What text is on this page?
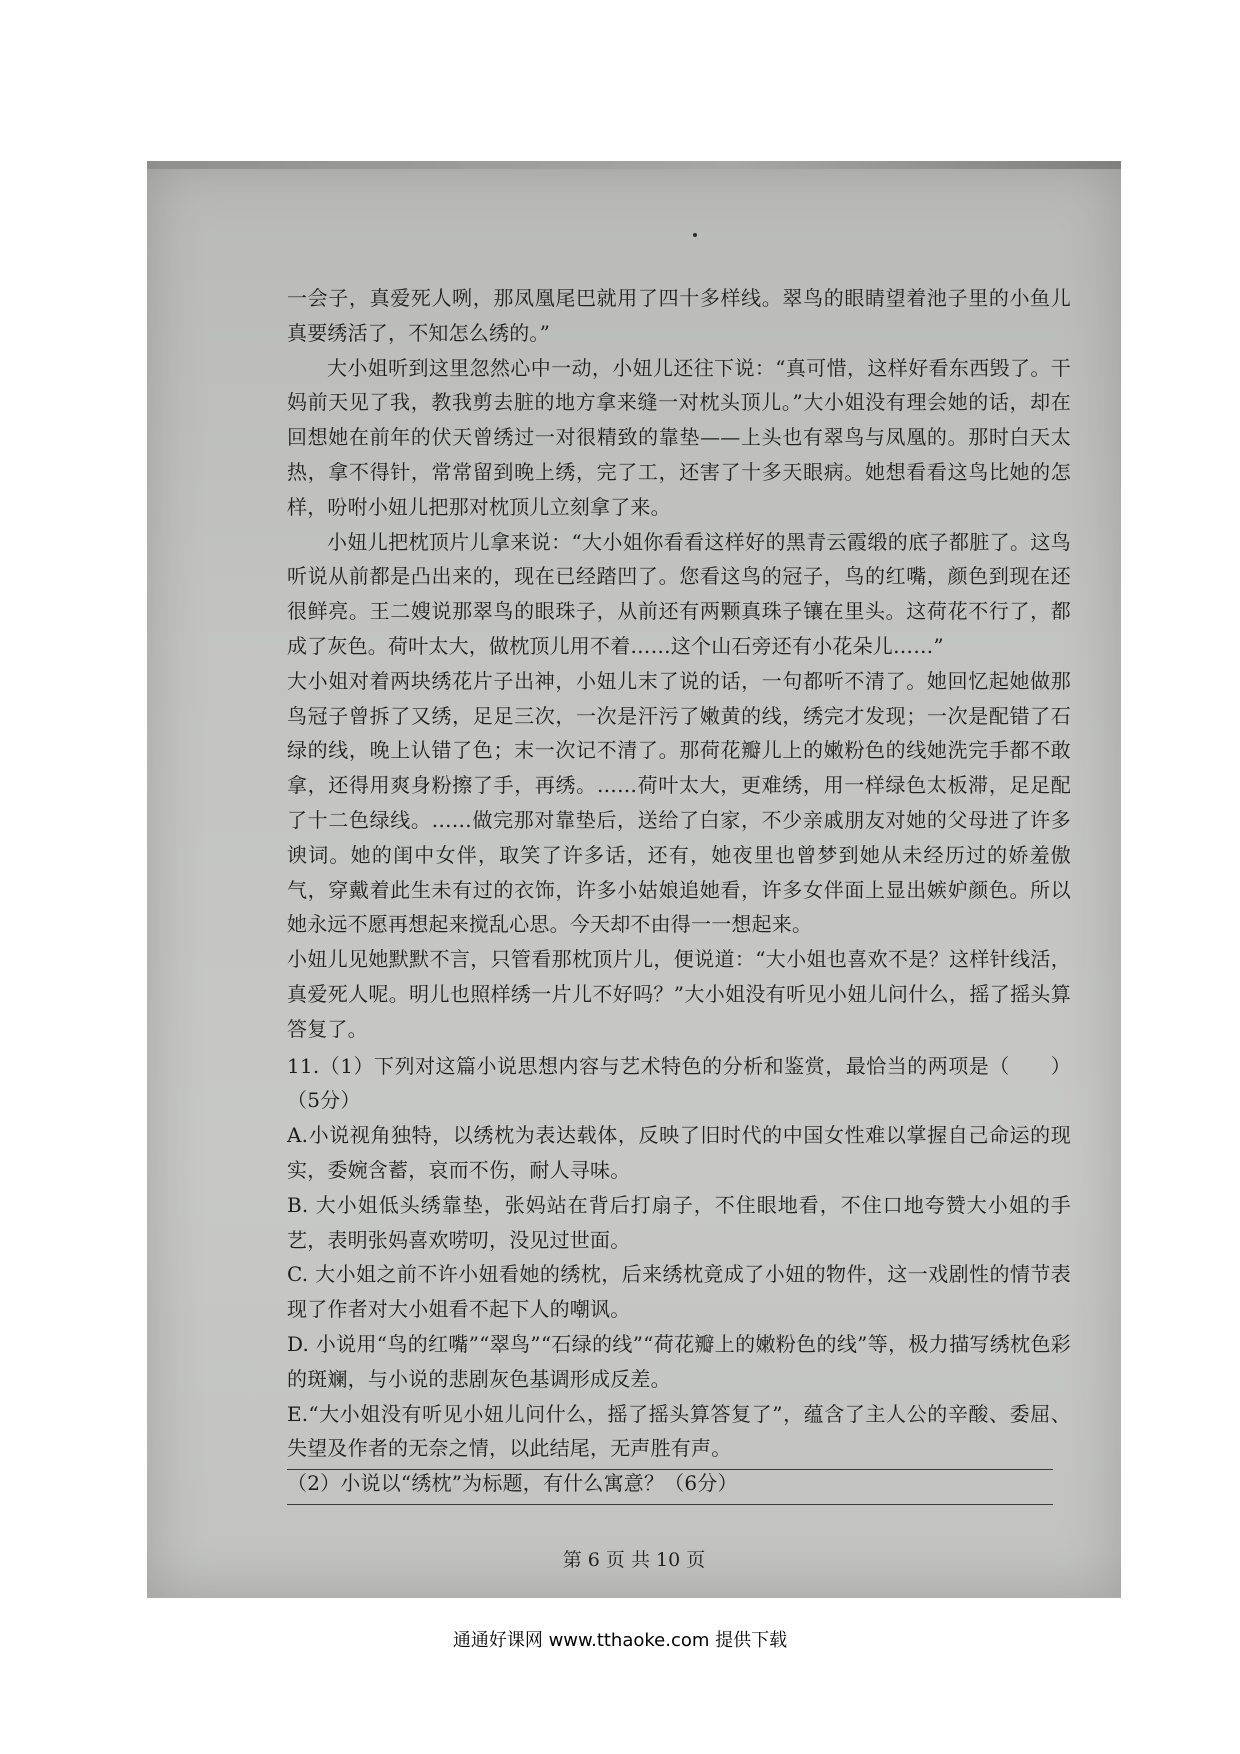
一会子，真爱死人咧，那凤凰尾巴就用了四十多样线。翠鸟的眼睛望着池子里的小鱼儿真要绣活了，不知怎么绣的。”

大小姐听到这里忽然心中一动，小妞儿还往下说：“真可惜，这样好看东西毁了。干妈前天见了我，教我剪去脏的地方拿来缝一对枕头顶儿。”大小姐没有理会她的话，却在回想她在前年的伏天曾绣过一对很精致的靠垫——上头也有翠鸟与凤凰的。那时白天太热，拿不得针，常常留到晚上绣，完了工，还害了十多天眼病。她想看看这鸟比她的怎样，吩咐小妞儿把那对枕顶儿立刻拿了来。

小妞儿把枕顶片儿拿来说：“大小姐你看看这样好的黑青云霞缎的底子都脏了。这鸟听说从前都是凸出来的，现在已经踏凹了。您看这鸟的冠子，鸟的红嘴，颜色到现在还很鲜亮。王二嫂说那翠鸟的眼珠子，从前还有两颗真珠子镶在里头。这荷花不行了，都成了灰色。荷叶太大，做枕顶儿用不着……这个山石旁还有小花朵儿……”

大小姐对着两块绣花片子出神，小妞儿末了说的话，一句都听不清了。她回忆起她做那鸟冠子曾拆了又绣，足足三次，一次是汗污了嫩黄的线，绣完才发现；一次是配错了石绿的线，晚上认错了色；末一次记不清了。那荷花瓣儿上的嫩粉色的线她洗完手都不敢拿，还得用爽身粉擦了手，再绣。……荷叶太大，更难绣，用一样绿色太板滞，足足配了十二色绿线。……做完那对靠垫后，送给了白家，不少亲戚朋友对她的父母进了许多谀词。她的闺中女伴，取笑了许多话，还有，她夜里也曾梦到她从未经历过的娇羞傲气，穿戴着此生未有过的衣饰，许多小姑娘追她看，许多女伴面上显出嫉妒颜色。所以她永远不愿再想起来搅乱心思。今天却不由得一一想起来。

小妞儿见她默默不言，只管看那枕顶片儿，便说道：“大小姐也喜欢不是？这样针线活，真爱死人呢。明儿也照样绣一片儿不好吗？”大小姐没有听见小妞儿问什么，摇了摇头算答复了。

11.（1）下列对这篇小说思想内容与艺术特色的分析和鉴赏，最恰当的两项是（　　）（5分）

A.小说视角独特，以绣枕为表达载体，反映了旧时代的中国女性难以掌握自己命运的现实，委婉含蓄，哀而不伤，耐人寻味。

B. 大小姐低头绣靠垫，张妈站在背后打扇子，不住眼地看，不住口地夸赞大小姐的手艺，表明张妈喜欢唠叨，没见过世面。

C. 大小姐之前不许小妞看她的绣枕，后来绣枕竟成了小妞的物件，这一戏剧性的情节表现了作者对大小姐看不起下人的嘲讽。

D. 小说用“鸟的红嘴”“翠鸟”“石绿的线”“荷花瓣上的嫩粉色的线”等，极力描写绣枕色彩的斑斓，与小说的悲剧灰色基调形成反差。

E.“大小姐没有听见小妞儿问什么，摇了摇头算答复了”，蕴含了主人公的辛酸、委屈、失望及作者的无奈之情，以此结尾，无声胜有声。

（2）小说以“绣枕”为标题，有什么寓意？（6分）

第 6 页 共 10 页
通通好课网 www.tthaoke.com 提供下载
